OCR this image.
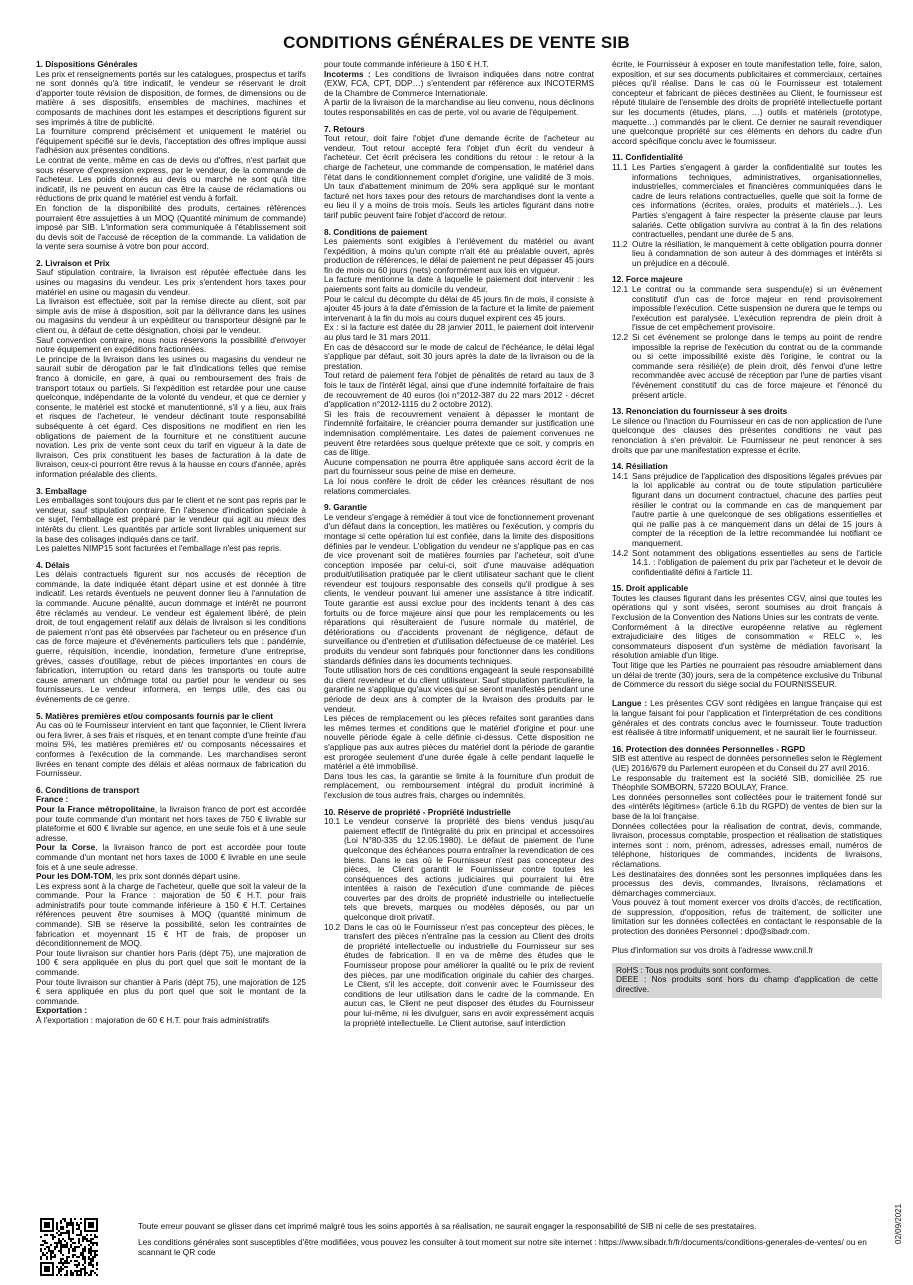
CONDITIONS GÉNÉRALES DE VENTE SIB
1. Dispositions Générales

Les prix et renseignements portés sur les catalogues, prospectus et tarifs ne sont donnés qu'à titre indicatif, le vendeur se réservant le droit d'apporter toute révision de disposition, de formes, de dimensions ou de matière à ses dispositifs, ensembles de machines, machines et composants de machines dont les estampes et descriptions figurent sur ses imprimés à titre de publicité.

La fourniture comprend précisément et uniquement le matériel ou l'équipement spécifié sur le devis, l'acceptation des offres implique aussi l'adhésion aux présentes conditions.

Le contrat de vente, même en cas de devis ou d'offres, n'est parfait que sous réserve d'expression express, par le vendeur, de la commande de l'acheteur. Les poids donnés au devis ou marché ne sont qu'à titre indicatif, ils ne peuvent en aucun cas être la cause de réclamations ou réductions de prix quand le matériel est vendu à forfait.

En fonction de la disponibilité des produits, certaines références pourraient être assujetties à un MOQ (Quantité minimum de commande) imposé par SIB. L'information sera communiquée à l'établissement soit du devis soit de l'accusé de réception de la commande. La validation de la vente sera soumise à votre bon pour accord.

2. Livraison et Prix

Sauf stipulation contraire, la livraison est réputée effectuée dans les usines ou magasins du vendeur. Les prix s'entendent hors taxes pour matériel en usine ou magasin du vendeur.

La livraison est effectuée, soit par la remise directe au client, soit par simple avis de mise à disposition, soit par la délivrance dans les usines ou magasins du vendeur à un expéditeur ou transporteur désigné par le client ou, à défaut de cette désignation, choisi par le vendeur.

Sauf convention contraire, nous nous réservons la possibilité d'envoyer notre équipement en expéditions fractionnées.

Le principe de la livraison dans les usines ou magasins du vendeur ne saurait subir de dérogation par le fait d'indications telles que remise franco à domicile, en gare, à quai ou remboursement des frais de transport totaux ou partiels. Si l'expédition est retardée pour une cause quelconque, indépendante de la volonté du vendeur, et que ce dernier y consente, le matériel est stocké et manutentionné, s'il y a lieu, aux frais et risques de l'acheteur, le vendeur déclinant toute responsabilité subséquente à cet égard. Ces dispositions ne modifient en rien les obligations de paiement de la fourniture et ne constituent aucune novation. Les prix de vente sont ceux du tarif en vigueur à la date de livraison. Ces prix constituent les bases de facturation à la date de livraison, ceux-ci pourront être revus à la hausse en cours d'année, après information préalable des clients.

3. Emballage

Les emballages sont toujours dus par le client et ne sont pas repris par le vendeur, sauf stipulation contraire. En l'absence d'indication spéciale à ce sujet, l'emballage est préparé par le vendeur qui agit au mieux des intérêts du client. Les quantités par article sont livrables uniquement sur la base des colisages indiqués dans ce tarif.

Les palettes NIMP15 sont facturées et l'emballage n'est pas repris.

4. Délais

Les délais contractuels figurent sur nos accusés de réception de commande, la date indiquée étant départ usine et est donnée à titre indicatif. Les retards éventuels ne peuvent donner lieu à l'annulation de la commande. Aucune pénalité, aucun dommage et intérêt ne pourront être réclamés au vendeur. Le vendeur est également libéré, de plein droit, de tout engagement relatif aux délais de livraison si les conditions de paiement n'ont pas été observées par l'acheteur ou en présence d'un cas de force majeure et d'événements particuliers tels que : pandémie, guerre, réquisition, incendie, inondation, fermeture d'une entreprise, grèves, casses d'outillage, rebut de pièces importantes en cours de fabrication, interruption ou retard dans les transports ou toute autre cause amenant un chômage total ou partiel pour le vendeur ou ses fournisseurs. Le vendeur informera, en temps utile, des cas ou événements de ce genre.

5. Matières premières et/ou composants fournis par le client

Au cas où le Fournisseur intervient en tant que façonnier, le Client livrera ou fera livrer, à ses frais et risques, et en tenant compte d'une freinte d'au moins 5%, les matières premières et/ ou composants nécessaires et conformes à l'exécution de la commande. Les marchandises seront livrées en tenant compte des délais et aléas normaux de fabrication du Fournisseur.

6. Conditions de transport

France :

Pour la France métropolitaine, la livraison franco de port est accordée pour toute commande d'un montant net hors taxes de 750 € livrable sur plateforme et 600 € livrable sur agence, en une seule fois et à une seule adresse.

Pour la Corse, la livraison franco de port est accordée pour toute commande d'un montant net hors taxes de 1000 € livrable en une seule fois et à une seule adresse.

Pour les DOM-TOM, les prix sont donnés départ usine.

Les express sont à la charge de l'acheteur, quelle que soit la valeur de la commande. Pour la France : majoration de 50 € H.T. pour frais administratifs pour toute commande inférieure à 150 € H.T. Certaines références peuvent être soumises à MOQ (quantité minimum de commande). SIB se réserve la possibilité, selon les contraintes de fabrication et moyennant 15 € HT de frais, de proposer un déconditionnement de MOQ.

Pour toute livraison sur chantier hors Paris (dépt 75), une majoration de 100 € sera appliquée en plus du port quel que soit le montant de la commande.

Pour toute livraison sur chantier à Paris (dépt 75), une majoration de 125 € sera appliquée en plus du port quel que soit le montant de la commande.

Exportation :

À l'exportation : majoration de 60 € H.T. pour frais administratifs

pour toute commande inférieure à 150 € H.T.

Incoterms : Les conditions de livraison indiquées dans notre contrat (EXW, FCA, CPT, DDP…) s'entendent par référence aux INCOTERMS de la Chambre de Commerce Internationale.

A partir de la livraison de la marchandise au lieu convenu, nous déclinons toutes responsabilités en cas de perte, vol ou avarie de l'équipement.

7. Retours

Tout retour, doit faire l'objet d'une demande écrite de l'acheteur au vendeur. Tout retour accepté fera l'objet d'un écrit du vendeur à l'acheteur. Cet écrit précisera les conditions du retour : le retour à la charge de l'acheteur, une commande de compensation, le matériel dans l'état dans le conditionnement complet d'origine, une validité de 3 mois. Un taux d'abattement minimum de 20% sera appliqué sur le montant facturé net hors taxes pour des retours de marchandises dont la vente a eu lieu il y a moins de trois mois. Seuls les articles figurant dans notre tarif public peuvent faire l'objet d'accord de retour.

8. Conditions de paiement

Les paiements sont exigibles à l'enlèvement du matériel ou avant l'expédition, à moins qu'un compte n'ait été au préalable ouvert, après production de références, le délai de paiement ne peut dépasser 45 jours fin de mois ou 60 jours (nets) conformément aux lois en vigueur.

La facture mentionne la date à laquelle le paiement doit intervenir : les paiements sont faits au domicile du vendeur.

Pour le calcul du décompte du délai de 45 jours fin de mois, il consiste à ajouter 45 jours à la date d'émission de la facture et la limite de paiement intervenant à la fin du mois au cours duquel expirent ces 45 jours.

Ex : si la facture est datée du 28 janvier 2011, le paiement doit intervenir au plus tard le 31 mars 2011.

En cas de désaccord sur le mode de calcul de l'échéance, le délai légal s'applique par défaut, soit 30 jours après la date de la livraison ou de la prestation.

Tout retard de paiement fera l'objet de pénalités de retard au taux de 3 fois le taux de l'intérêt légal, ainsi que d'une indemnité forfaitaire de frais de recouvrement de 40 euros (loi n°2012-387 du 22 mars 2012 - décret d'application n°2012-1115 du 2 octobre 2012).

Si les frais de recouvrement venaient à dépasser le montant de l'indemnité forfaitaire, le créancier pourra demander sur justification une indemnisation complémentaire. Les dates de paiement convenues ne peuvent être retardées sous quelque prétexte que ce soit, y compris en cas de litige.

Aucune compensation ne pourra être appliquée sans accord écrit de la part du fournisseur sous peine de mise en demeure.

La loi nous confère le droit de céder les créances résultant de nos relations commerciales.

9. Garantie

Le vendeur s'engage à remédier à tout vice de fonctionnement provenant d'un défaut dans la conception, les matières ou l'exécution, y compris du montage si cette opération lui est confiée, dans la limite des dispositions définies par le vendeur. L'obligation du vendeur ne s'applique pas en cas de vice provenant soit de matières fournies par l'acheteur, soit d'une conception imposée par celui-ci, soit d'une mauvaise adéquation produit/utilisation pratiquée par le client utilisateur sachant que le client revendeur est toujours responsable des conseils qu'il prodigue à ses clients, le vendeur pouvant lui amener une assistance à titre indicatif. Toute garantie est aussi exclue pour des incidents tenant à des cas fortuits ou de force majeure ainsi que pour les remplacements ou les réparations qui résulteraient de l'usure normale du matériel, de détériorations ou d'accidents provenant de négligence, défaut de surveillance ou d'entretien et d'utilisation défectueuse de ce matériel. Les produits du vendeur sont fabriqués pour fonctionner dans les conditions standards définies dans les documents techniques.

Toute utilisation hors de ces conditions engageant la seule responsabilité du client revendeur et du client utilisateur. Sauf stipulation particulière, la garantie ne s'applique qu'aux vices qui se seront manifestés pendant une période de deux ans à compter de la livraison des produits par le vendeur.

Les pièces de remplacement ou les pièces refaites sont garanties dans les mêmes termes et conditions que le matériel d'origine et pour une nouvelle période égale à celle définie ci-dessus. Cette disposition ne s'applique pas aux autres pièces du matériel dont la période de garantie est prorogée seulement d'une durée égale à celle pendant laquelle le matériel a été immobilisé.

Dans tous les cas, la garantie se limite à la fourniture d'un produit de remplacement, ou remboursement intégral du produit incriminé à l'exclusion de tous autres frais, charges ou indemnités.

10. Réserve de propriété - Propriété industrielle
10.1 Le vendeur conserve la propriété des biens vendus jusqu'au paiement effectif de l'intégralité du prix en principal et accessoires (Loi N°80-335 du 12.05.1980). Le défaut de paiement de l'une quelconque des échéances pourra entraîner la revendication de ces biens. Dans le cas où le Fournisseur n'est pas concepteur des pièces, le Client garantit le Fournisseur contre toutes les conséquences des actions judiciaires qui pourraient lui être intentées à raison de l'exécution d'une commande de pièces couvertes par des droits de propriété industrielle ou intellectuelle tels que brevets, marques ou modèles déposés, ou par un quelconque droit privatif.
10.2 Dans le cas où le Fournisseur n'est pas concepteur des pièces, le transfert des pièces n'entraîne pas la cession au Client des droits de propriété intellectuelle ou industrielle du Fournisseur sur ses études de fabrication. Il en va de même des études que le Fournisseur propose pour améliorer la qualité ou le prix de revient des pièces, par une modification originale du cahier des charges. Le Client, s'il les accepte, doit convenir avec le Fournisseur des conditions de leur utilisation dans le cadre de la commande. En aucun cas, le Client ne peut disposer des études du Fournisseur pour lui-même, ni les divulguer, sans en avoir expressément acquis la propriété intellectuelle. Le Client autorise, sauf interdiction

écrite, le Fournisseur à exposer en toute manifestation telle, foire, salon, exposition, et sur ses documents publicitaires et commerciaux, certaines pièces qu'il réalise. Dans le cas où le Fournisseur est totalement concepteur et fabricant de pièces destinées au Client, le fournisseur est réputé titulaire de l'ensemble des droits de propriété intellectuelle portant sur les documents (études, plans, …) outils et matériels (prototype, maquette…) commandés par le client. Ce dernier ne saurait revendiquer une quelconque propriété sur ces éléments en dehors du cadre d'un accord spécifique conclu avec le fournisseur.

11. Confidentialité
11.1 Les Parties s'engagent à garder la confidentialité sur toutes les informations techniques, administratives, organisationnelles, industrielles, commerciales et financières communiquées dans le cadre de leurs relations contractuelles, quelle que soit la forme de ces informations (écrites, orales, produits et matériels…). Les Parties s'engagent à faire respecter la présente clause par leurs salariés. Cette obligation survivra au contrat à la fin des relations contractuelles, pendant une durée de 5 ans.
11.2 Outre la résiliation, le manquement à cette obligation pourra donner lieu à condamnation de son auteur à des dommages et intérêts si un préjudice en a découlé.
12. Force majeure
12.1 Le contrat ou la commande sera suspendu(e) si un événement constitutif d'un cas de force majeur en rend provisoirement impossible l'exécution. Cette suspension ne durera que le temps ou l'exécution est paralysée. L'exécution reprendra de plein droit à l'issue de cet empêchement provisoire.
12.2 Si cet événement se prolonge dans le temps au point de rendre impossible la reprise de l'exécution du contrat ou de la commande ou si cette impossibilité existe dès l'origine, le contrat ou la commande sera résilié(e) de plein droit, dès l'envoi d'une lettre recommandée avec accusé de réception par l'une de parties visant l'événement constitutif du cas de force majeure et l'énoncé du présent article.
13. Renonciation du fournisseur à ses droits

Le silence ou l'inaction du Fournisseur en cas de non application de l'une quelconque des clauses des présentes conditions ne vaut pas renonciation à s'en prévaloir. Le Fournisseur ne peut renoncer à ses droits que par une manifestation expresse et écrite.

14. Résiliation
14.1 Sans préjudice de l'application des dispositions légales prévues par la loi applicable au contrat ou de toute stipulation particulière figurant dans un document contractuel, chacune des parties peut résilier le contrat ou la commande en cas de manquement par l'autre partie à une quelconque de ses obligations essentielles et qui ne pallie pas à ce manquement dans un délai de 15 jours à compter de la réception de la lettre recommandée lui notifiant ce manquement.
14.2 Sont notamment des obligations essentielles au sens de l'article 14.1. : l'obligation de paiement du prix par l'acheteur et le devoir de confidentialité défini à l'article 11.
15. Droit applicable

Toutes les clauses figurant dans les présentes CGV, ainsi que toutes les opérations qui y sont visées, seront soumises au droit français à l'exclusion de la Convention des Nations Unies sur les contrats de vente.

Conformément à la directive européenne relative au règlement extrajudiciaire des litiges de consommation « RELC », les consommateurs disposent d'un système de médiation favorisant la résolution amiable d'un litige.

Tout litige que les Parties ne pourraient pas résoudre amiablement dans un délai de trente (30) jours, sera de la compétence exclusive du Tribunal de Commerce du ressort du siège social du FOURNISSEUR.

Langue : Les présentes CGV sont rédigées en langue française qui est la langue faisant foi pour l'application et l'interprétation de ces conditions générales et des contrats conclus avec le fournisseur. Toute traduction est réalisée à titre informatif uniquement, et ne saurait lier le fournisseur.

16. Protection des données Personnelles - RGPD

SIB est attentive au respect de données personnelles selon le Règlement (UE) 2016/679 du Parlement européen et du Conseil du 27 avril 2016.

Le responsable du traitement est la société SIB, domiciliée 25 rue Théophile SOMBORN, 57220 BOULAY, France.

Les données personnelles sont collectées pour le traitement fondé sur des «intérêts légitimes» (article 6.1b du RGPD) de ventes de bien sur la base de la loi française.

Données collectées pour la réalisation de contrat, devis, commande, livraison, processus comptable, prospection et réalisation de statistiques internes sont : nom, prénom, adresses, adresses email, numéros de téléphone, historiques de commandes, incidents de livraisons, réclamations.

Les destinataires des données sont les personnes impliquées dans les processus des devis, commandes, livraisons, réclamations et démarchages commerciaux.

Vous pouvez à tout moment exercer vos droits d'accès, de rectification, de suppression, d'opposition, refus de traitement, de solliciter une limitation sur les données collectées en contactant le responsable de la protection des données Personnel : dpo@sibadr.com.

Plus d'information sur vos droits à l'adresse www.cnil.fr

RoHS : Tous nos produits sont conformes.
DEEE : Nos produits sont hors du champ d'application de cette directive.
Toute erreur pouvant se glisser dans cet imprimé malgré tous les soins apportés à sa réalisation, ne saurait engager la responsabilité de SIB ni celle de ses prestataires.
Les conditions générales sont susceptibles d'être modifiées, vous pouvez les consulter à tout moment sur notre site internet : https://www.sibadr.fr/fr/documents/conditions-generales-de-ventes/ ou en scannant le QR code
02/09/2021
